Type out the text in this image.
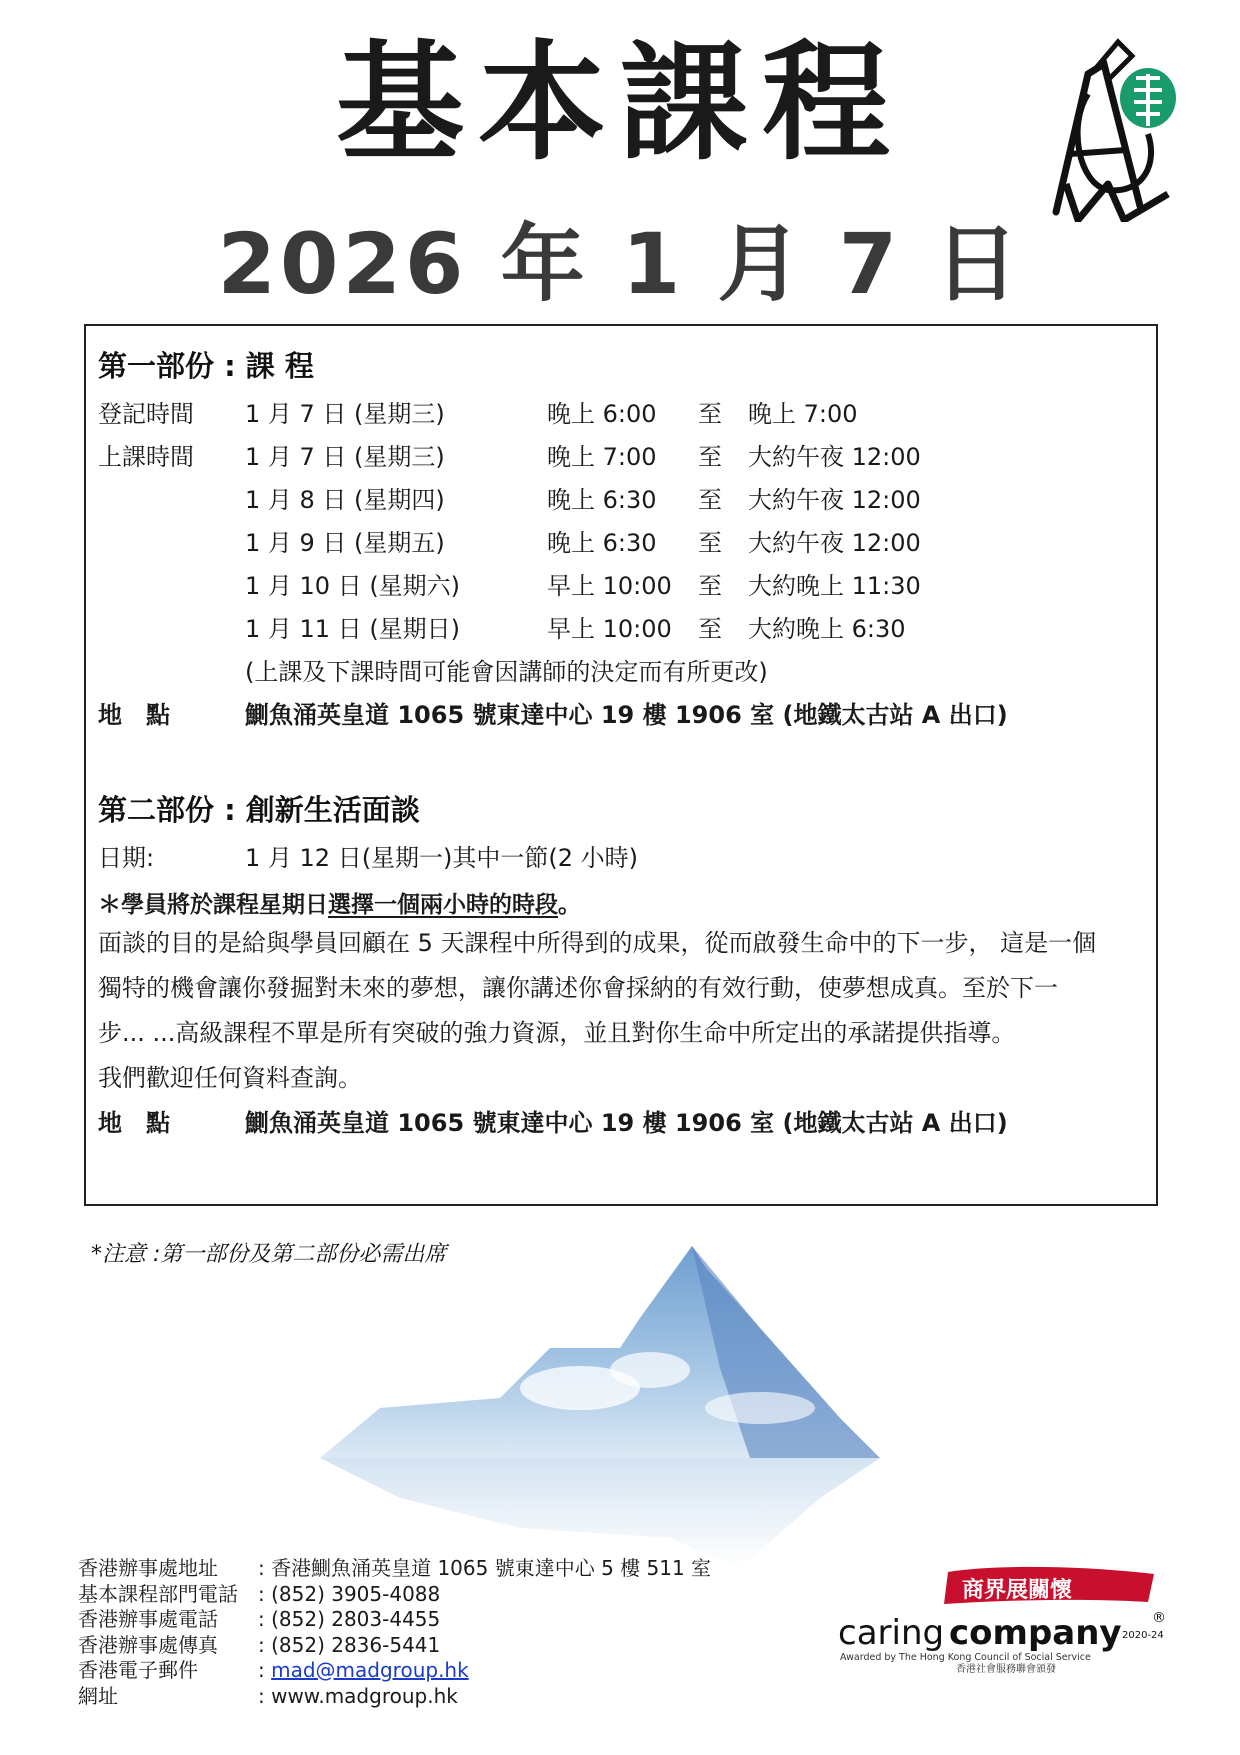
基本課程
2026 年 1 月 7 日
第一部份 : 課 程
登記時間 1 月 7 日 (星期三)	晚上 6:00 至 晚上 7:00
上課時間 1 月 7 日 (星期三)	晚上 7:00 至 大約午夜 12:00
1 月 8 日 (星期四)	晚上 6:30 至 大約午夜 12:00
1 月 9 日 (星期五)	晚上 6:30 至 大約午夜 12:00
1 月 10 日 (星期六)	早上 10:00 至 大約晚上 11:30
1 月 11 日 (星期日)	早上 10:00 至 大約晚上 6:30
(上課及下課時間可能會因講師的決定而有所更改)
地　點	鰂魚涌英皇道 1065 號東達中心 19 樓 1906 室 (地鐵太古站 A 出口)
第二部份 : 創新生活面談
日期:	1 月 12 日(星期一)其中一節(2 小時)
＊學員將於課程星期日選擇一個兩小時的時段。
面談的目的是給與學員回顧在 5 天課程中所得到的成果，從而啟發生命中的下一步， 這是一個
獨特的機會讓你發掘對未來的夢想，讓你講述你會採納的有效行動，使夢想成真。至於下一
步... ...高級課程不單是所有突破的強力資源，並且對你生命中所定出的承諾提供指導。
我們歡迎任何資料查詢。
地　點	鰂魚涌英皇道 1065 號東達中心 19 樓 1906 室 (地鐵太古站 A 出口)
*注意 :第一部份及第二部份必需出席
香港辦事處地址 : 香港鰂魚涌英皇道 1065 號東達中心 5 樓 511 室
基本課程部門電話 : (852) 3905-4088
香港辦事處電話 : (852) 2803-4455
香港辦事處傳真 : (852) 2836-5441
香港電子郵件	: mad@madgroup.hk
網址	: www.madgroup.hk
商界展關懷
caring company 2020-24
®
Awarded by The Hong Kong Council of Social Service
香港社會服務聯會頒發
